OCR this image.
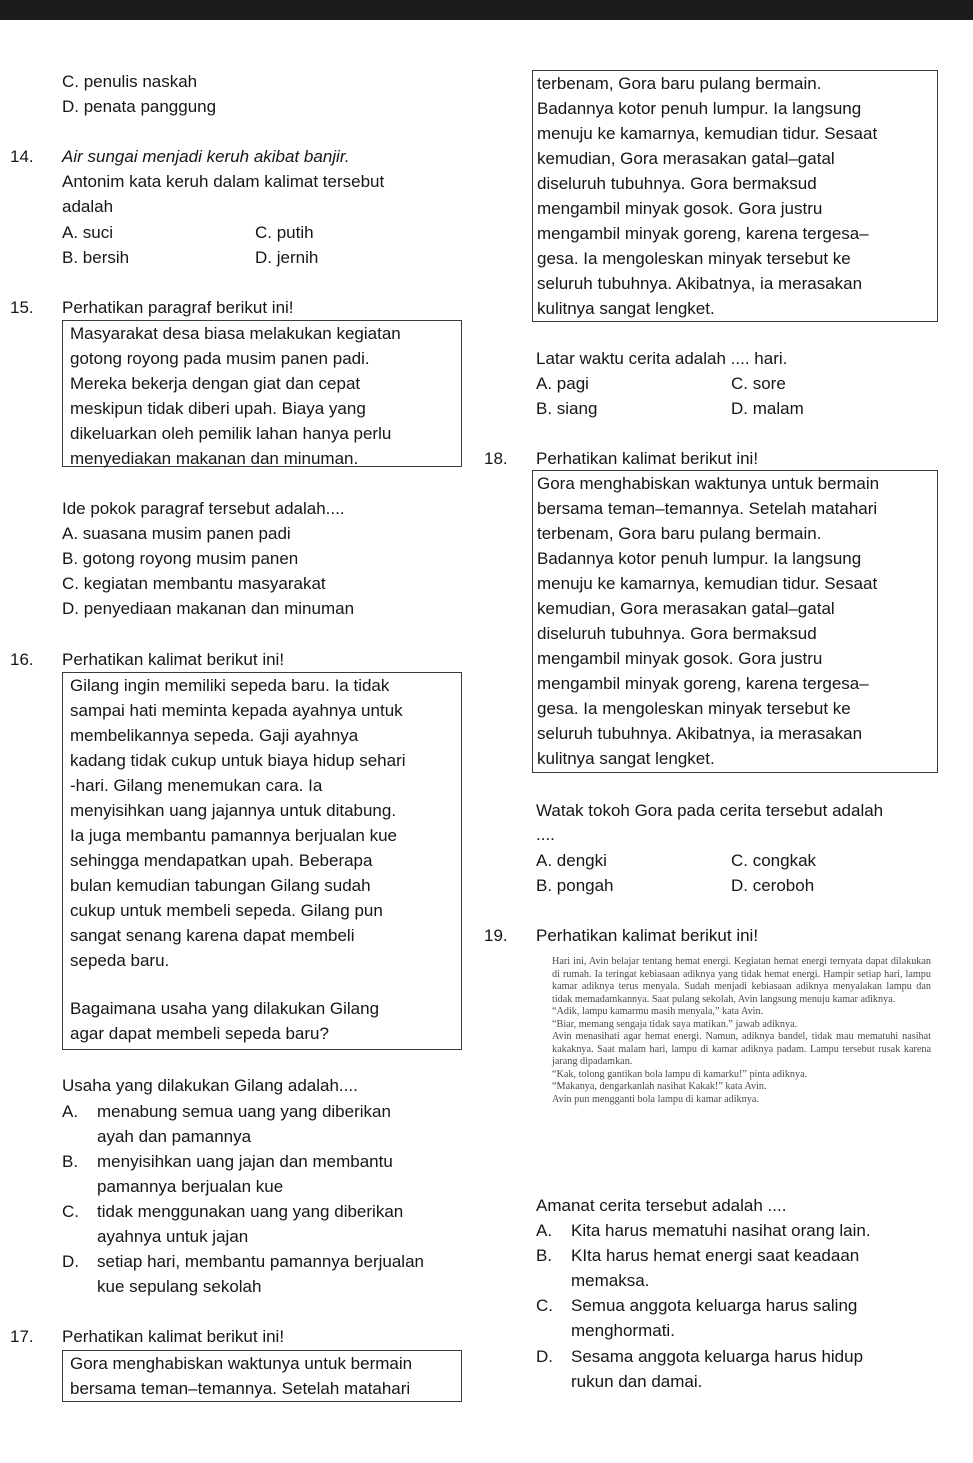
C. penulis naskah
D. penata panggung
14. Air sungai menjadi keruh akibat banjir.
Antonim kata keruh dalam kalimat tersebut
adalah
A. suci	C. putih
B. bersih	D. jernih
15. Perhatikan paragraf berikut ini!
Masyarakat desa biasa melakukan kegiatan
gotong royong pada musim panen padi.
Mereka bekerja dengan giat dan cepat
meskipun tidak diberi upah. Biaya yang
dikeluarkan oleh pemilik lahan hanya perlu
menyediakan makanan dan minuman.
Ide pokok paragraf tersebut adalah....
A. suasana musim panen padi
B. gotong royong musim panen
C. kegiatan membantu masyarakat
D. penyediaan makanan dan minuman
16. Perhatikan kalimat berikut ini!
Gilang ingin memiliki sepeda baru. Ia tidak
sampai hati meminta kepada ayahnya untuk
membelikannya sepeda. Gaji ayahnya
kadang tidak cukup untuk biaya hidup sehari
-hari. Gilang menemukan cara. Ia
menyisihkan uang jajannya untuk ditabung.
Ia juga membantu pamannya berjualan kue
sehingga mendapatkan upah. Beberapa
bulan kemudian tabungan Gilang sudah
cukup untuk membeli sepeda. Gilang pun
sangat senang karena dapat membeli
sepeda baru.
Bagaimana usaha yang dilakukan Gilang
agar dapat membeli sepeda baru?
Usaha yang dilakukan Gilang adalah....
A. menabung semua uang yang diberikan
ayah dan pamannya
B. menyisihkan uang jajan dan membantu
pamannya berjualan kue
C. tidak menggunakan uang yang diberikan
ayahnya untuk jajan
D. setiap hari, membantu pamannya berjualan
kue sepulang sekolah
17. Perhatikan kalimat berikut ini!
Gora menghabiskan waktunya untuk bermain
bersama teman–temannya. Setelah matahari
terbenam, Gora baru pulang bermain.
Badannya kotor penuh lumpur. Ia langsung
menuju ke kamarnya, kemudian tidur. Sesaat
kemudian, Gora merasakan gatal–gatal
diseluruh tubuhnya. Gora bermaksud
mengambil minyak gosok. Gora justru
mengambil minyak goreng, karena tergesa–
gesa. Ia mengoleskan minyak tersebut ke
seluruh tubuhnya. Akibatnya, ia merasakan
kulitnya sangat lengket.
Latar waktu cerita adalah .... hari.
A. pagi	C. sore
B. siang	D. malam
18. Perhatikan kalimat berikut ini!
Gora menghabiskan waktunya untuk bermain
bersama teman–temannya. Setelah matahari
terbenam, Gora baru pulang bermain.
Badannya kotor penuh lumpur. Ia langsung
menuju ke kamarnya, kemudian tidur. Sesaat
kemudian, Gora merasakan gatal–gatal
diseluruh tubuhnya. Gora bermaksud
mengambil minyak gosok. Gora justru
mengambil minyak goreng, karena tergesa–
gesa. Ia mengoleskan minyak tersebut ke
seluruh tubuhnya. Akibatnya, ia merasakan
kulitnya sangat lengket.
Watak tokoh Gora pada cerita tersebut adalah
....
A. dengki	C. congkak
B. pongah	D. ceroboh
19. Perhatikan kalimat berikut ini!
Hari ini, Avin belajar tentang hemat energi. Kegiatan hemat energi ternyata dapat dilakukan di rumah. Ia teringat kebiasaan adiknya yang tidak hemat energi. Hampir setiap hari, lampu kamar adiknya terus menyala. Sudah menjadi kebiasaan adiknya menyalakan lampu dan tidak memadamkannya. Saat pulang sekolah, Avin langsung menuju kamar adiknya.
“Adik, lampu kamarmu masih menyala,” kata Avin.
“Biar, memang sengaja tidak saya matikan.” jawab adiknya.
Avin menasihati agar hemat energi. Namun, adiknya bandel, tidak mau mematuhi nasihat kakaknya. Saat malam hari, lampu di kamar adiknya padam. Lampu tersebut rusak karena jarang dipadamkan.
“Kak, tolong gantikan bola lampu di kamarku!” pinta adiknya.
“Makanya, dengarkanlah nasihat Kakak!” kata Avin.
Avin pun mengganti bola lampu di kamar adiknya.
Amanat cerita tersebut adalah ....
A. Kita harus mematuhi nasihat orang lain.
B. KIta harus hemat energi saat keadaan
memaksa.
C. Semua anggota keluarga harus saling
menghormati.
D. Sesama anggota keluarga harus hidup
rukun dan damai.
